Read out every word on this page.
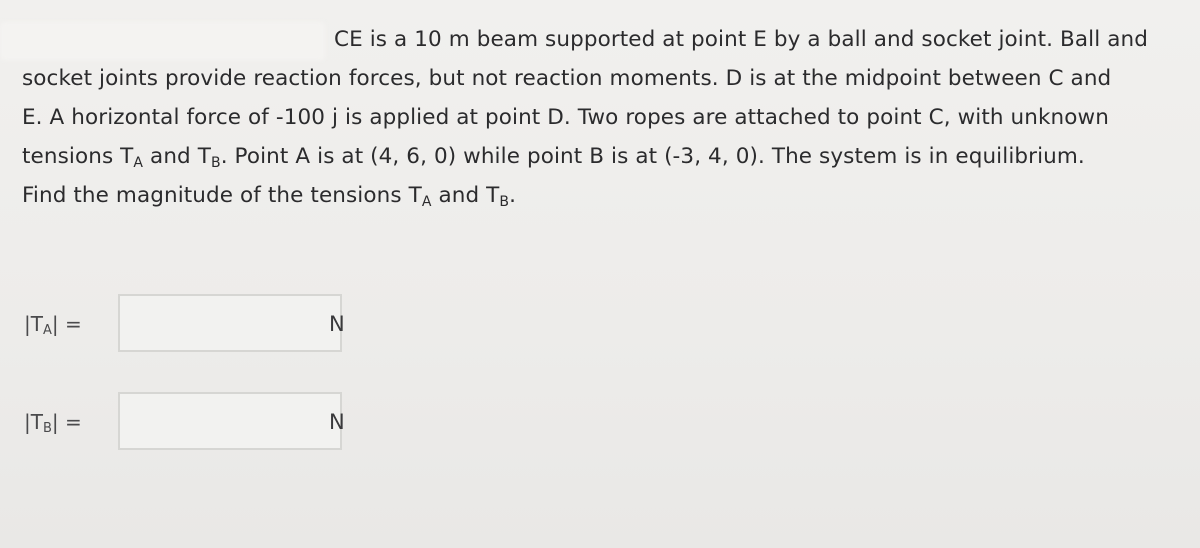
CE is a 10 m beam supported at point E by a ball and socket joint. Ball and
socket joints provide reaction forces, but not reaction moments. D is at the midpoint between C and
E. A horizontal force of -100 j is applied at point D. Two ropes are attached to point C, with unknown
tensions $T_A$ and $T_B$. Point A is at (4, 6, 0) while point B is at (-3, 4, 0). The system is in equilibrium.
Find the magnitude of the tensions $T_A$ and $T_B$.
$|T_A|$ =	N
$|T_B|$ =	N
